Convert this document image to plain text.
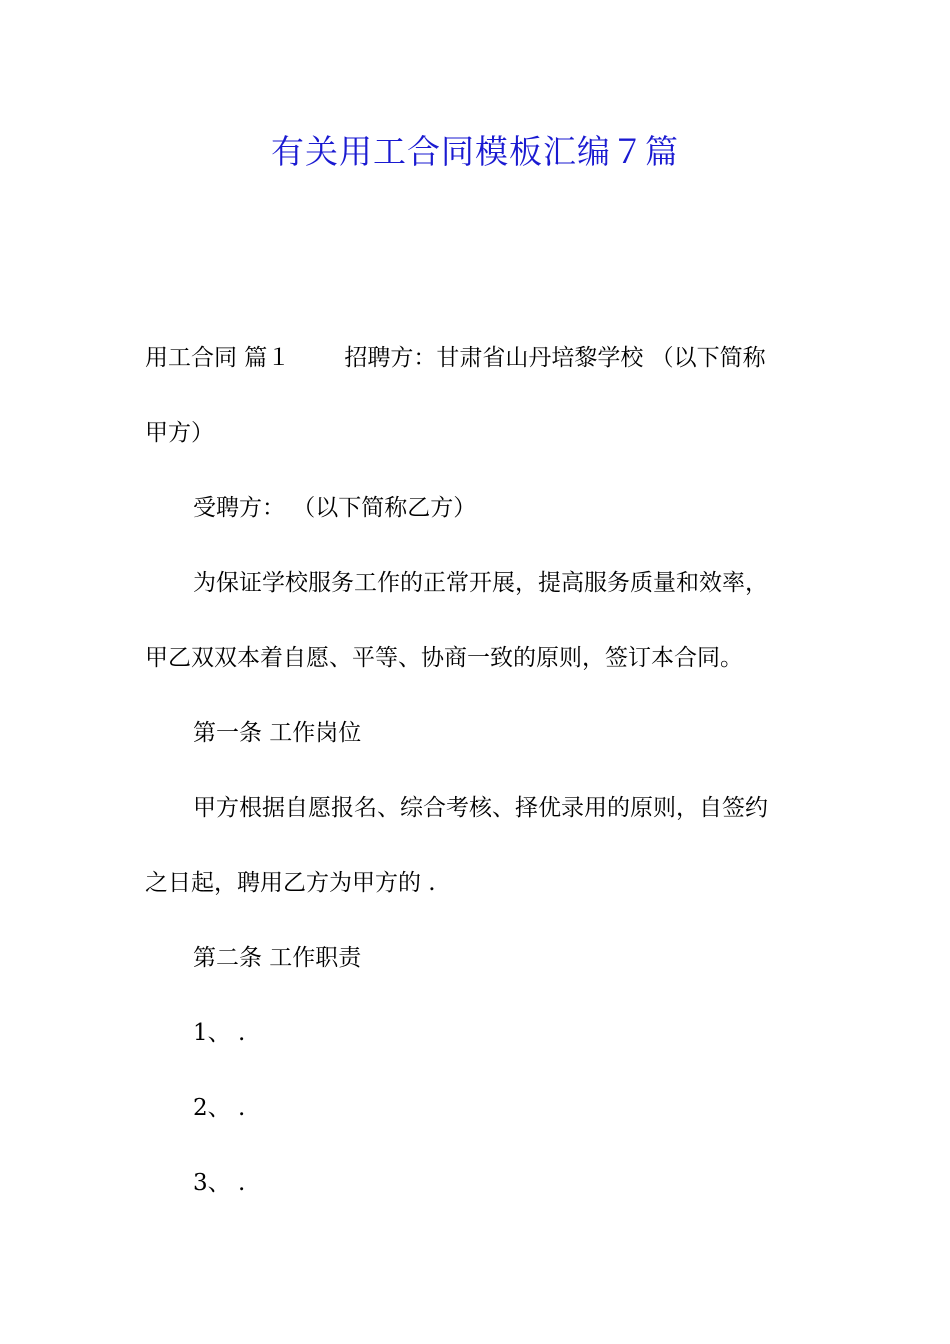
有关用工合同模板汇编７篇
用工合同 篇１ 招聘方：甘肃省山丹培黎学校 （以下简称
甲方）
受聘方： （以下简称乙方）
为保证学校服务工作的正常开展，提高服务质量和效率，
甲乙双双本着自愿、平等、协商一致的原则，签订本合同。
第一条 工作岗位
甲方根据自愿报名、综合考核、择优录用的原则，自签约
之日起，聘用乙方为甲方的 .
第二条 工作职责
1、 .
2、 .
3、 .
